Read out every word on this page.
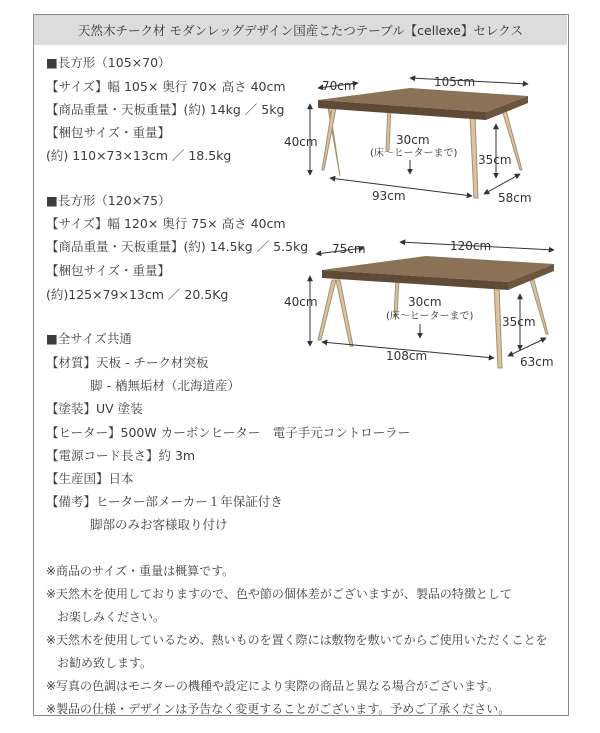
天然木チーク材 モダンレッグデザイン国産こたつテーブル【cellexe】セレクス
■長方形（105×70）
【サイズ】幅 105× 奥行 70× 高さ 40cm
【商品重量・天板重量】(約) 14kg ／ 5kg
【梱包サイズ・重量】
(約) 110×73×13cm ／ 18.5kg
■長方形（120×75）
【サイズ】幅 120× 奥行 75× 高さ 40cm
【商品重量・天板重量】(約) 14.5kg ／ 5.5kg
【梱包サイズ・重量】
(約)125×79×13cm ／ 20.5Kg
■全サイズ共通
【材質】天板 - チーク材突板
脚 - 楢無垢材（北海道産）
【塗装】UV 塗装
【ヒーター】500W カーボンヒーター　電子手元コントローラー
【電源コード長さ】約 3m
【生産国】日本
【備考】ヒーター部メーカー１年保証付き
脚部のみお客様取り付け
※商品のサイズ・重量は概算です。
※天然木を使用しておりますので、色や節の個体差がございますが、製品の特徴として
お楽しみください。
※天然木を使用しているため、熱いものを置く際には敷物を敷いてからご使用いただくことを
お勧め致します。
※写真の色調はモニターの機種や設定により実際の商品と異なる場合がございます。
※製品の仕様・デザインは予告なく変更することがございます。予めご了承ください。
70cm	105cm
40cm	30cm
(床～ヒーターまで) 35cm
93cm	58cm
75cm	120cm
40cm	30cm
(床～ヒーターまで) 35cm
108cm	63cm
